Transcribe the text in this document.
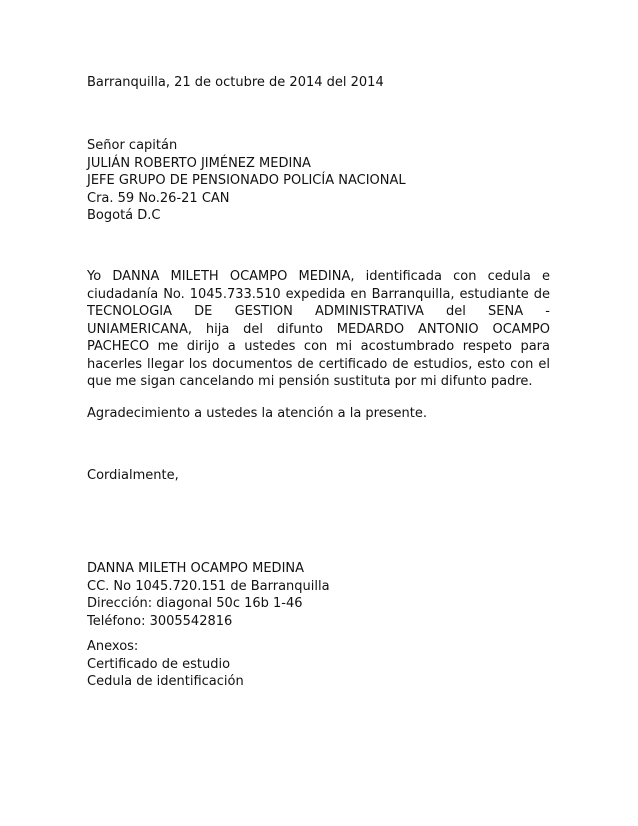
Barranquilla, 21 de octubre de 2014 del 2014
Señor capitán
JULIÁN ROBERTO JIMÉNEZ MEDINA
JEFE GRUPO DE PENSIONADO POLICÍA NACIONAL
Cra. 59 No.26-21 CAN
Bogotá D.C
Yo DANNA MILETH OCAMPO MEDINA, identificada con cedula e
ciudadanía No. 1045.733.510 expedida en Barranquilla, estudiante de
TECNOLOGIA DE GESTION ADMINISTRATIVA del SENA -
UNIAMERICANA, hija del difunto MEDARDO ANTONIO OCAMPO
PACHECO me dirijo a ustedes con mi acostumbrado respeto para
hacerles llegar los documentos de certificado de estudios, esto con el
que me sigan cancelando mi pensión sustituta por mi difunto padre.
Agradecimiento a ustedes la atención a la presente.
Cordialmente,
DANNA MILETH OCAMPO MEDINA
CC. No 1045.720.151 de Barranquilla
Dirección: diagonal 50c 16b 1-46
Teléfono: 3005542816
Anexos:
Certificado de estudio
Cedula de identificación
